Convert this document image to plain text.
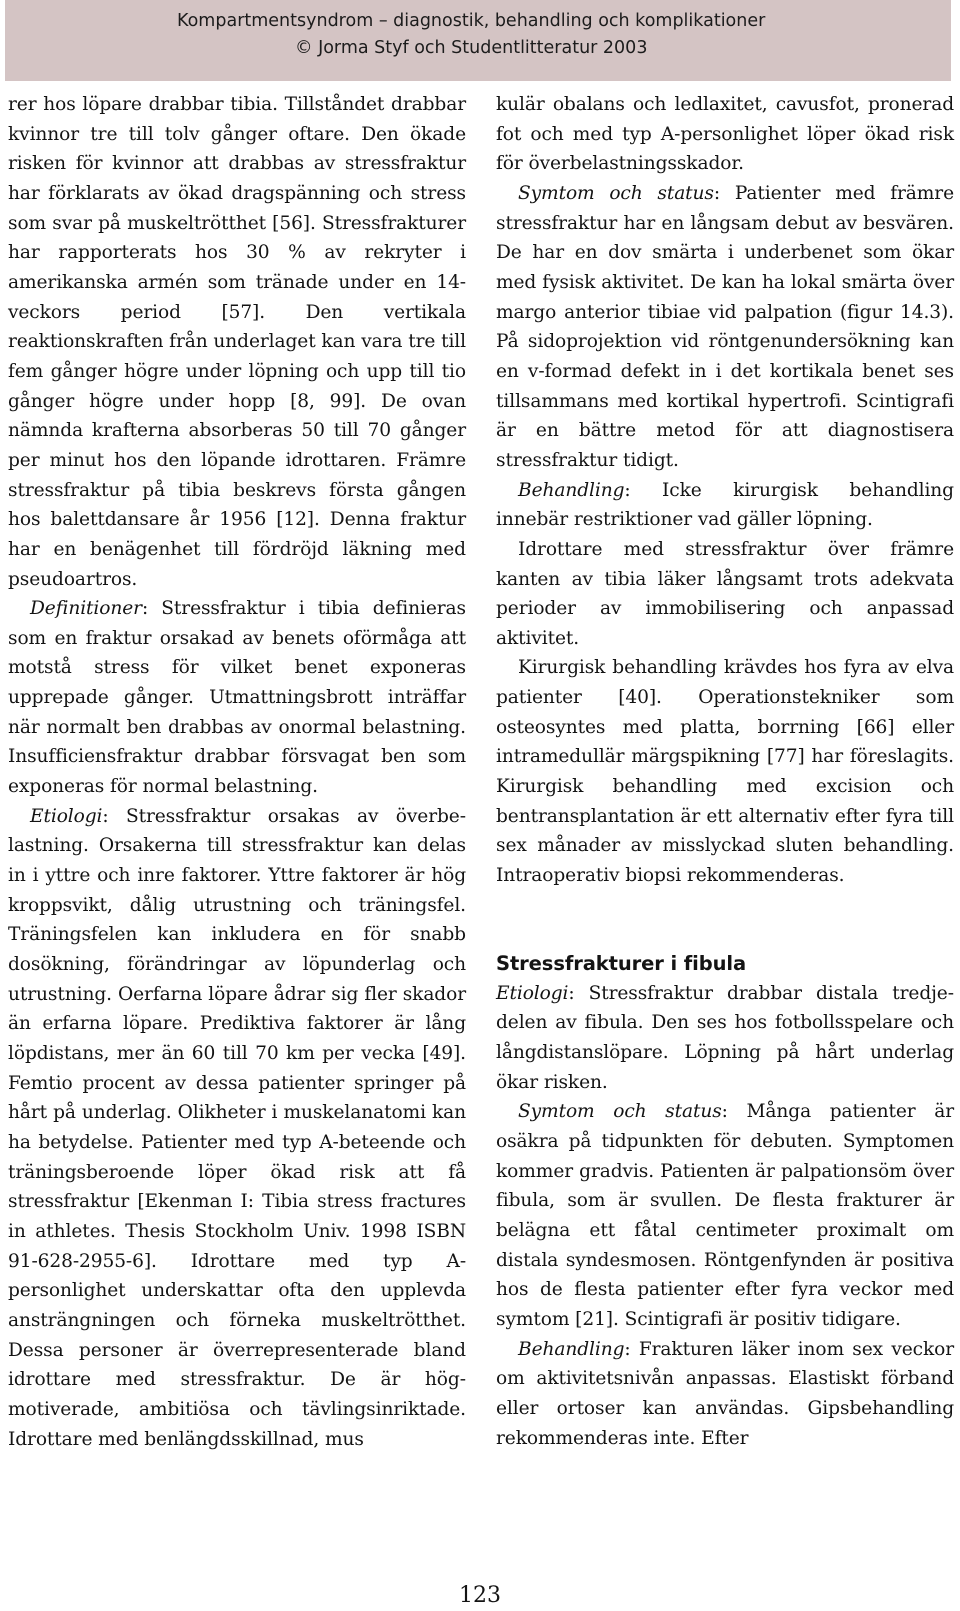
Kompartmentsyndrom – diagnostik, behandling och komplikationer
© Jorma Styf och Studentlitteratur 2003

rer hos löpare drabbar tibia. Tillståndet drabbar kvinnor tre till tolv gånger oftare. Den ökade risken för kvinnor att drabbas av stressfraktur har förklarats av ökad dragspänning och stress som svar på muskeltrötthet [56]. Stressfrakturer har rapporterats hos 30 % av rekryter i amerikanska armén som tränade under en 14-veckors period [57]. Den vertikala reaktionskraften från underlaget kan vara tre till fem gånger högre under löpning och upp till tio gånger högre under hopp [8, 99]. De ovan nämnda krafterna absorberas 50 till 70 gånger per minut hos den löpande idrottaren. Främre stressfraktur på tibia beskrevs första gången hos balettdansare år 1956 [12]. Denna fraktur har en benägenhet till fördröjd läkning med pseudoartros.

Definitioner: Stressfraktur i tibia definieras som en fraktur orsakad av benets oförmåga att motstå stress för vilket benet exponeras upprepade gånger. Utmattningsbrott inträffar när normalt ben drabbas av onormal belastning. Insufficiensfraktur drabbar försvagat ben som exponeras för normal belastning.

Etiologi: Stressfraktur orsakas av överbelastning. Orsakerna till stressfraktur kan delas in i yttre och inre faktorer. Yttre faktorer är hög kroppsvikt, dålig utrustning och träningsfel. Träningsfelen kan inkludera en för snabb dosökning, förändringar av löpunderlag och utrustning. Oerfarna löpare ådrar sig fler skador än erfarna löpare. Prediktiva faktorer är lång löpdistans, mer än 60 till 70 km per vecka [49]. Femtio procent av dessa patienter springer på hårt på underlag. Olikheter i muskelanatomi kan ha betydelse. Patienter med typ A-beteende och träningsberoende löper ökad risk att få stressfraktur [Ekenman I: Tibia stress fractures in athletes. Thesis Stockholm Univ. 1998 ISBN 91-628-2955-6]. Idrottare med typ A-personlighet underskattar ofta den upplevda ansträngningen och förneka muskeltrötthet. Dessa personer är överrepresenterade bland idrottare med stressfraktur. De är högmotiverade, ambitiösa och tävlingsinriktade. Idrottare med benlängdsskillnad, mus

kulär obalans och ledlaxitet, cavusfot, pronerad fot och med typ A-personlighet löper ökad risk för överbelastningsskador.

Symtom och status: Patienter med främre stressfraktur har en långsam debut av besvären. De har en dov smärta i underbenet som ökar med fysisk aktivitet. De kan ha lokal smärta över margo anterior tibiae vid palpation (figur 14.3). På sidoprojektion vid röntgenundersökning kan en v-formad defekt in i det kortikala benet ses tillsammans med kortikal hypertrofi. Scintigrafi är en bättre metod för att diagnostisera stressfraktur tidigt.

Behandling: Icke kirurgisk behandling innebär restriktioner vad gäller löpning.

Idrottare med stressfraktur över främre kanten av tibia läker långsamt trots adekvata perioder av immobilisering och anpassad aktivitet.

Kirurgisk behandling krävdes hos fyra av elva patienter [40]. Operationstekniker som osteosyntes med platta, borrning [66] eller intramedullär märgspikning [77] har föreslagits. Kirurgisk behandling med excision och bentransplantation är ett alternativ efter fyra till sex månader av misslyckad sluten behandling. Intraoperativ biopsi rekommenderas.

Stressfrakturer i fibula

Etiologi: Stressfraktur drabbar distala tredjedelen av fibula. Den ses hos fotbollsspelare och långdistanslöpare. Löpning på hårt underlag ökar risken.

Symtom och status: Många patienter är osäkra på tidpunkten för debuten. Symptomen kommer gradvis. Patienten är palpationsöm över fibula, som är svullen. De flesta frakturer är belägna ett fåtal centimeter proximalt om distala syndesmosen. Röntgenfynden är positiva hos de flesta patienter efter fyra veckor med symtom [21]. Scintigrafi är positiv tidigare.

Behandling: Frakturen läker inom sex veckor om aktivitetsnivån anpassas. Elastiskt förband eller ortoser kan användas. Gipsbehandling rekommenderas inte. Efter

123
